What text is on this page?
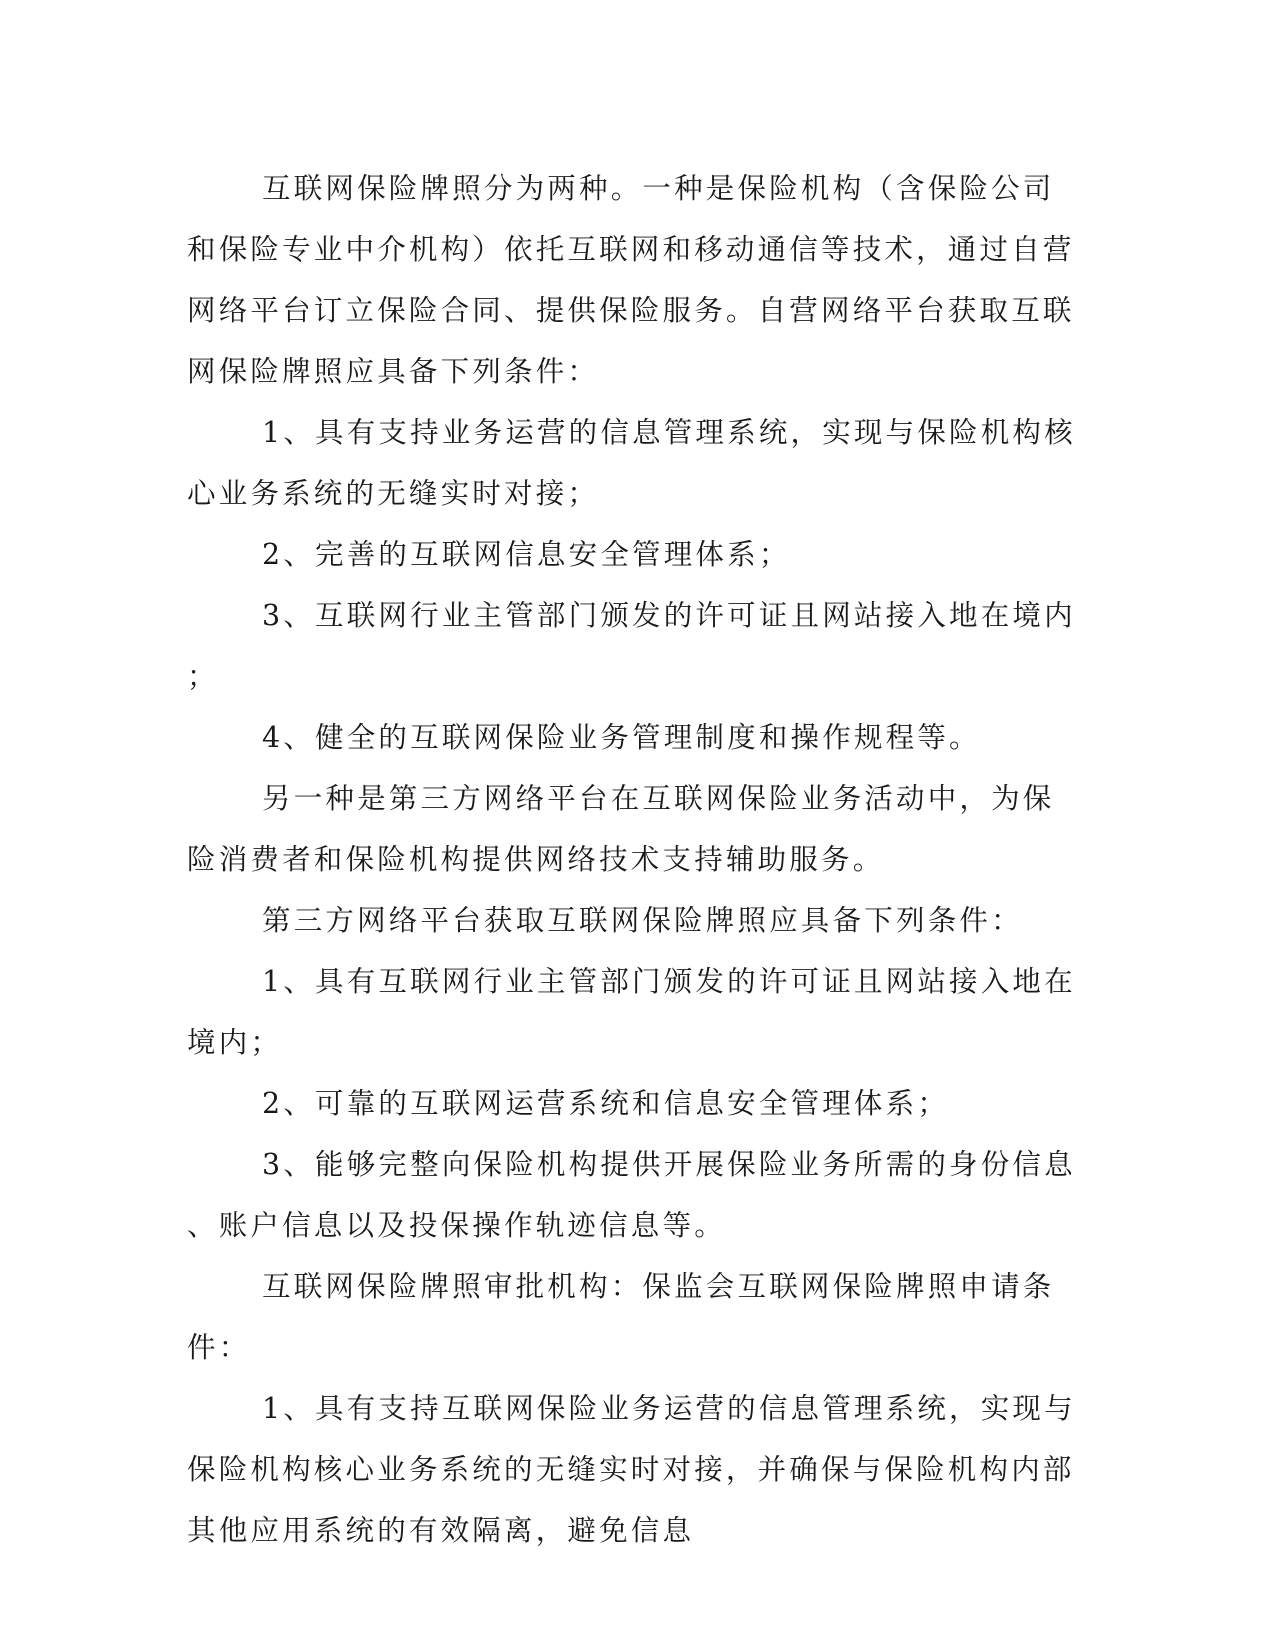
互联网保险牌照分为两种。一种是保险机构（含保险公司和保险专业中介机构）依托互联网和移动通信等技术，通过自营网络平台订立保险合同、提供保险服务。自营网络平台获取互联网保险牌照应具备下列条件：

1、具有支持业务运营的信息管理系统，实现与保险机构核心业务系统的无缝实时对接；

2、完善的互联网信息安全管理体系；

3、互联网行业主管部门颁发的许可证且网站接入地在境内；

4、健全的互联网保险业务管理制度和操作规程等。

另一种是第三方网络平台在互联网保险业务活动中，为保险消费者和保险机构提供网络技术支持辅助服务。

第三方网络平台获取互联网保险牌照应具备下列条件：

1、具有互联网行业主管部门颁发的许可证且网站接入地在境内；

2、可靠的互联网运营系统和信息安全管理体系；

3、能够完整向保险机构提供开展保险业务所需的身份信息、账户信息以及投保操作轨迹信息等。

互联网保险牌照审批机构：保监会互联网保险牌照申请条件：

1、具有支持互联网保险业务运营的信息管理系统，实现与保险机构核心业务系统的无缝实时对接，并确保与保险机构内部其他应用系统的有效隔离，避免信息
